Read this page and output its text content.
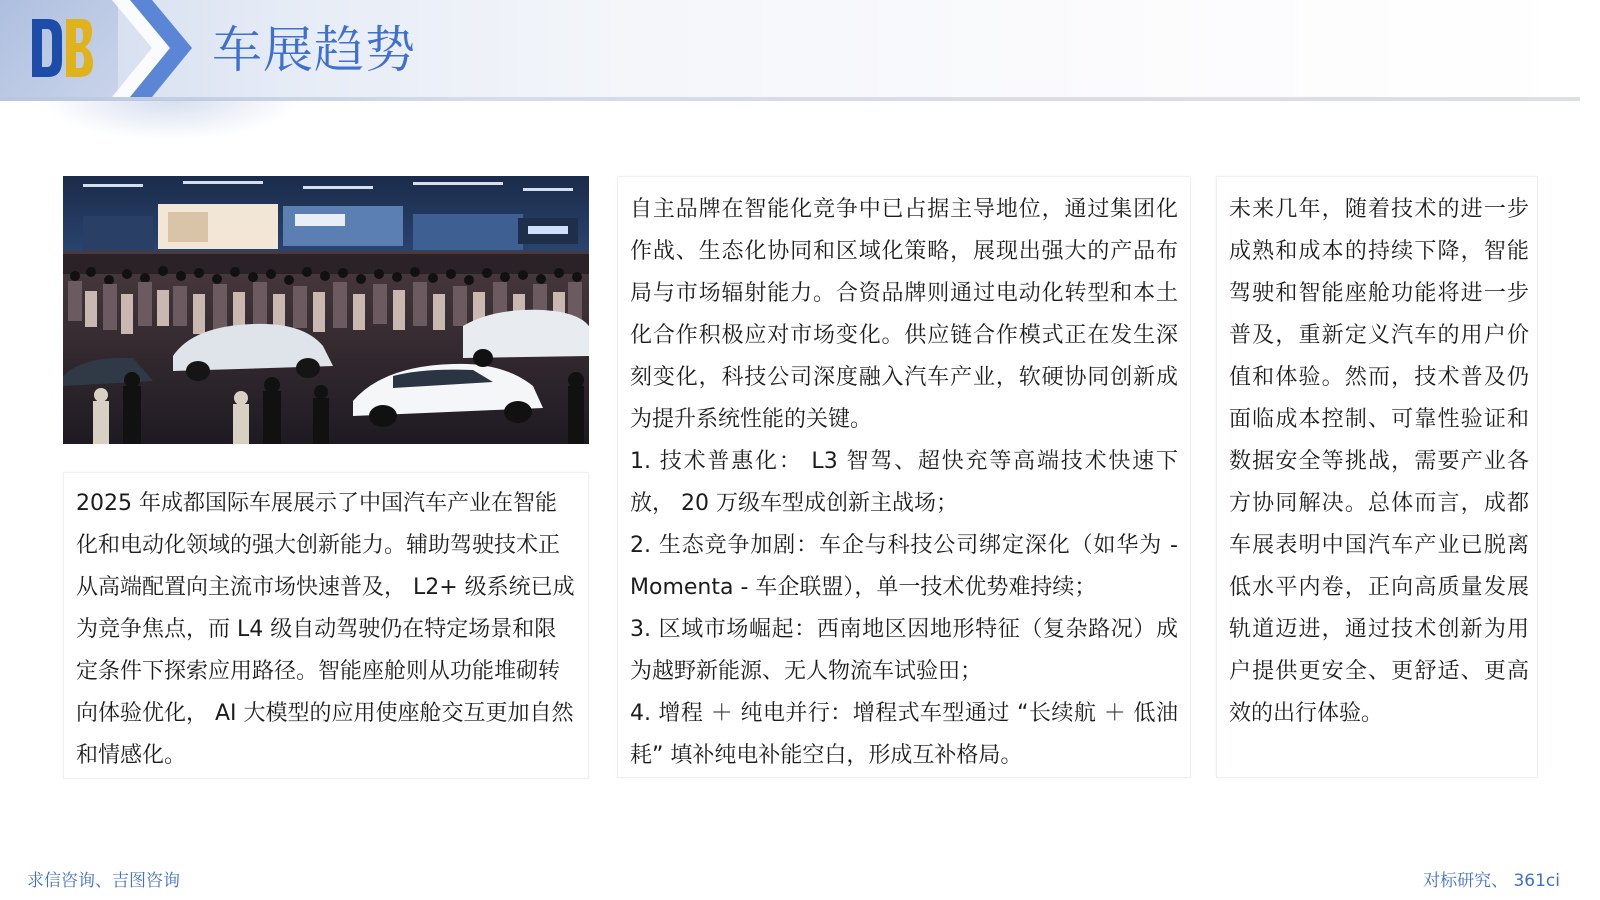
车展趋势

2025 年成都国际车展展示了中国汽车产业在智能化和电动化领域的强大创新能力。辅助驾驶技术正从高端配置向主流市场快速普及， L2+ 级系统已成为竞争焦点，而 L4 级自动驾驶仍在特定场景和限定条件下探索应用路径。智能座舱则从功能堆砌转向体验优化， AI 大模型的应用使座舱交互更加自然和情感化。

自主品牌在智能化竞争中已占据主导地位，通过集团化作战、生态化协同和区域化策略，展现出强大的产品布局与市场辐射能力。合资品牌则通过电动化转型和本土化合作积极应对市场变化。供应链合作模式正在发生深刻变化，科技公司深度融入汽车产业，软硬协同创新成为提升系统性能的关键。

1. 技术普惠化： L3 智驾、超快充等高端技术快速下放， 20 万级车型成创新主战场；

2. 生态竞争加剧：车企与科技公司绑定深化（如华为 - Momenta - 车企联盟），单一技术优势难持续；

3. 区域市场崛起：西南地区因地形特征（复杂路况）成为越野新能源、无人物流车试验田；

4. 增程 ＋ 纯电并行：增程式车型通过 “长续航 ＋ 低油耗” 填补纯电补能空白，形成互补格局。

未来几年，随着技术的进一步成熟和成本的持续下降，智能驾驶和智能座舱功能将进一步普及，重新定义汽车的用户价值和体验。然而，技术普及仍面临成本控制、可靠性验证和数据安全等挑战，需要产业各方协同解决。总体而言，成都车展表明中国汽车产业已脱离低水平内卷，正向高质量发展轨道迈进，通过技术创新为用户提供更安全、更舒适、更高效的出行体验。

求信咨询、吉图咨询	对标研究、 361ci
